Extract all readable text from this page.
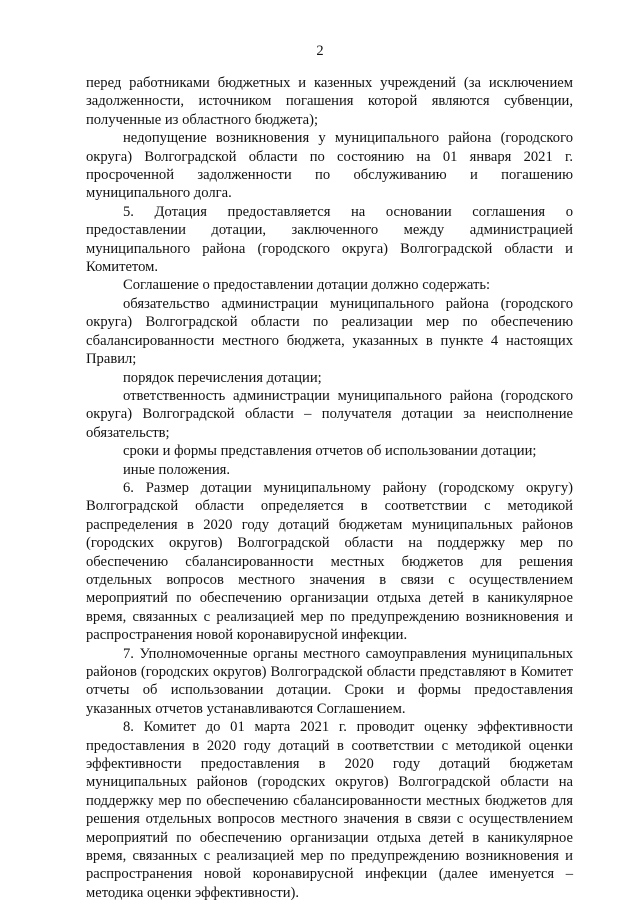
2

перед работниками бюджетных и казенных учреждений (за исключением задолженности, источником погашения которой являются субвенции, полученные из областного бюджета);

недопущение возникновения у муниципального района (городского округа) Волгоградской области по состоянию на 01 января 2021 г. просроченной задолженности по обслуживанию и погашению муниципального долга.

5. Дотация предоставляется на основании соглашения о предоставлении дотации, заключенного между администрацией муниципального района (городского округа) Волгоградской области и Комитетом.

Соглашение о предоставлении дотации должно содержать:

обязательство администрации муниципального района (городского округа) Волгоградской области по реализации мер по обеспечению сбалансированности местного бюджета, указанных в пункте 4 настоящих Правил;

порядок перечисления дотации;

ответственность администрации муниципального района (городского округа) Волгоградской области – получателя дотации за неисполнение обязательств;

сроки и формы представления отчетов об использовании дотации;

иные положения.

6. Размер дотации муниципальному району (городскому округу) Волгоградской области определяется в соответствии с методикой распределения в 2020 году дотаций бюджетам муниципальных районов (городских округов) Волгоградской области на поддержку мер по обеспечению сбалансированности местных бюджетов для решения отдельных вопросов местного значения в связи с осуществлением мероприятий по обеспечению организации отдыха детей в каникулярное время, связанных с реализацией мер по предупреждению возникновения и распространения новой коронавирусной инфекции.

7. Уполномоченные органы местного самоуправления муниципальных районов (городских округов) Волгоградской области представляют в Комитет отчеты об использовании дотации. Сроки и формы предоставления указанных отчетов устанавливаются Соглашением.

8. Комитет до 01 марта 2021 г. проводит оценку эффективности предоставления в 2020 году дотаций в соответствии с методикой оценки эффективности предоставления в 2020 году дотаций бюджетам муниципальных районов (городских округов) Волгоградской области на поддержку мер по обеспечению сбалансированности местных бюджетов для решения отдельных вопросов местного значения в связи с осуществлением мероприятий по обеспечению организации отдыха детей в каникулярное время, связанных с реализацией мер по предупреждению возникновения и распространения новой коронавирусной инфекции (далее именуется – методика оценки эффективности).
